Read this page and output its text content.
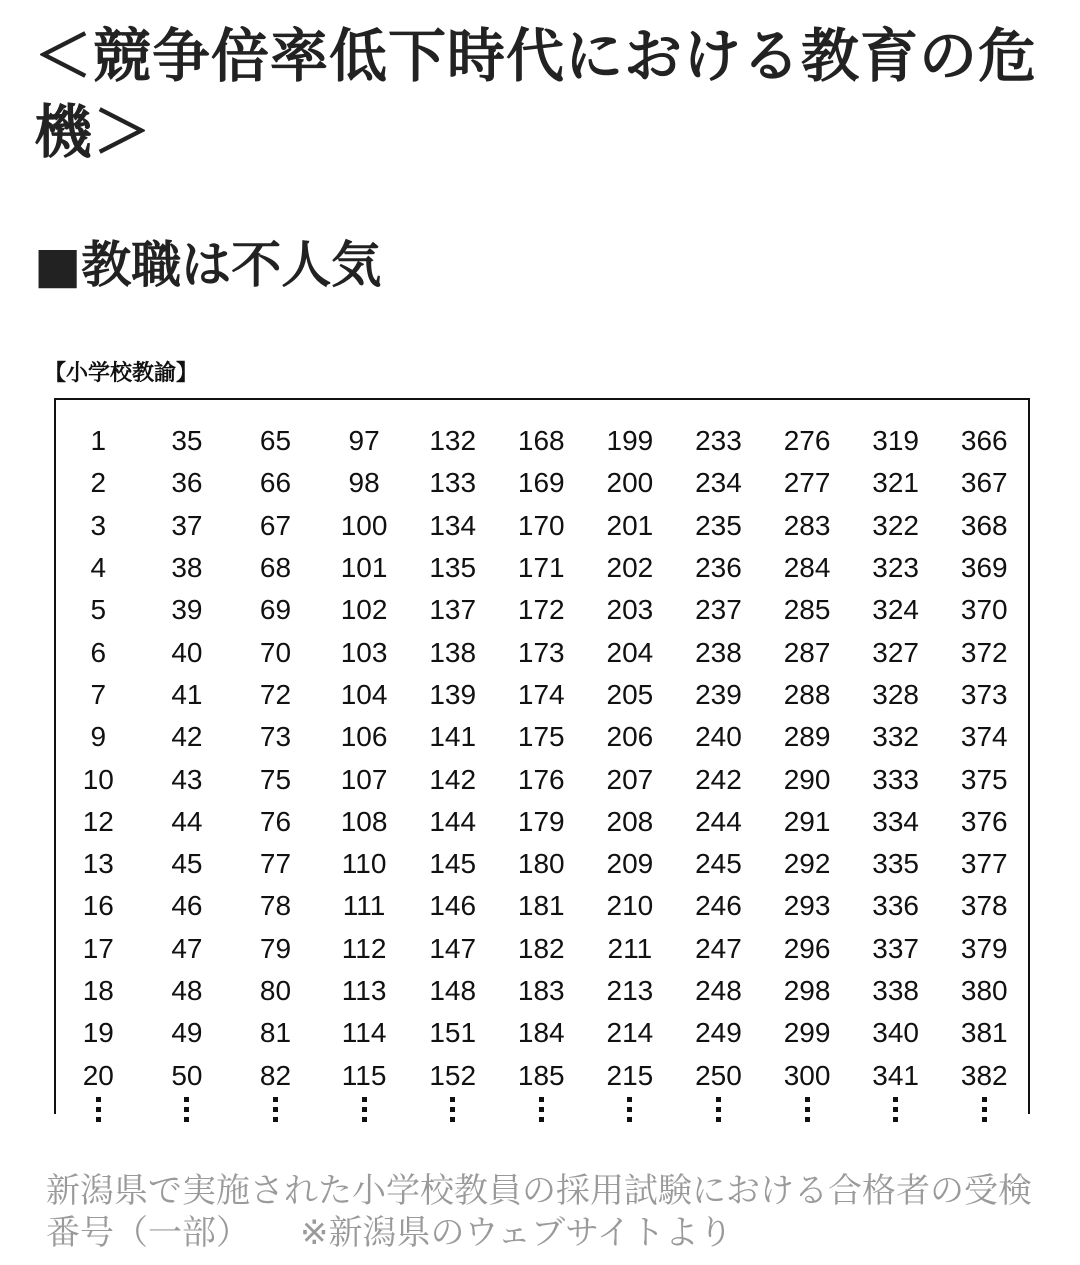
＜競争倍率低下時代における教育の危機＞
■教職は不人気
【小学校教諭】
1	35	65	97	132	168	199	233	276	319	366
2	36	66	98	133	169	200	234	277	321	367
3	37	67	100	134	170	201	235	283	322	368
4	38	68	101	135	171	202	236	284	323	369
5	39	69	102	137	172	203	237	285	324	370
6	40	70	103	138	173	204	238	287	327	372
7	41	72	104	139	174	205	239	288	328	373
9	42	73	106	141	175	206	240	289	332	374
10	43	75	107	142	176	207	242	290	333	375
12	44	76	108	144	179	208	244	291	334	376
13	45	77	110	145	180	209	245	292	335	377
16	46	78	111	146	181	210	246	293	336	378
17	47	79	112	147	182	211	247	296	337	379
18	48	80	113	148	183	213	248	298	338	380
19	49	81	114	151	184	214	249	299	340	381
20	50	82	115	152	185	215	250	300	341	382

新潟県で実施された小学校教員の採用試験における合格者の受検番号（一部） ※新潟県のウェブサイトより
